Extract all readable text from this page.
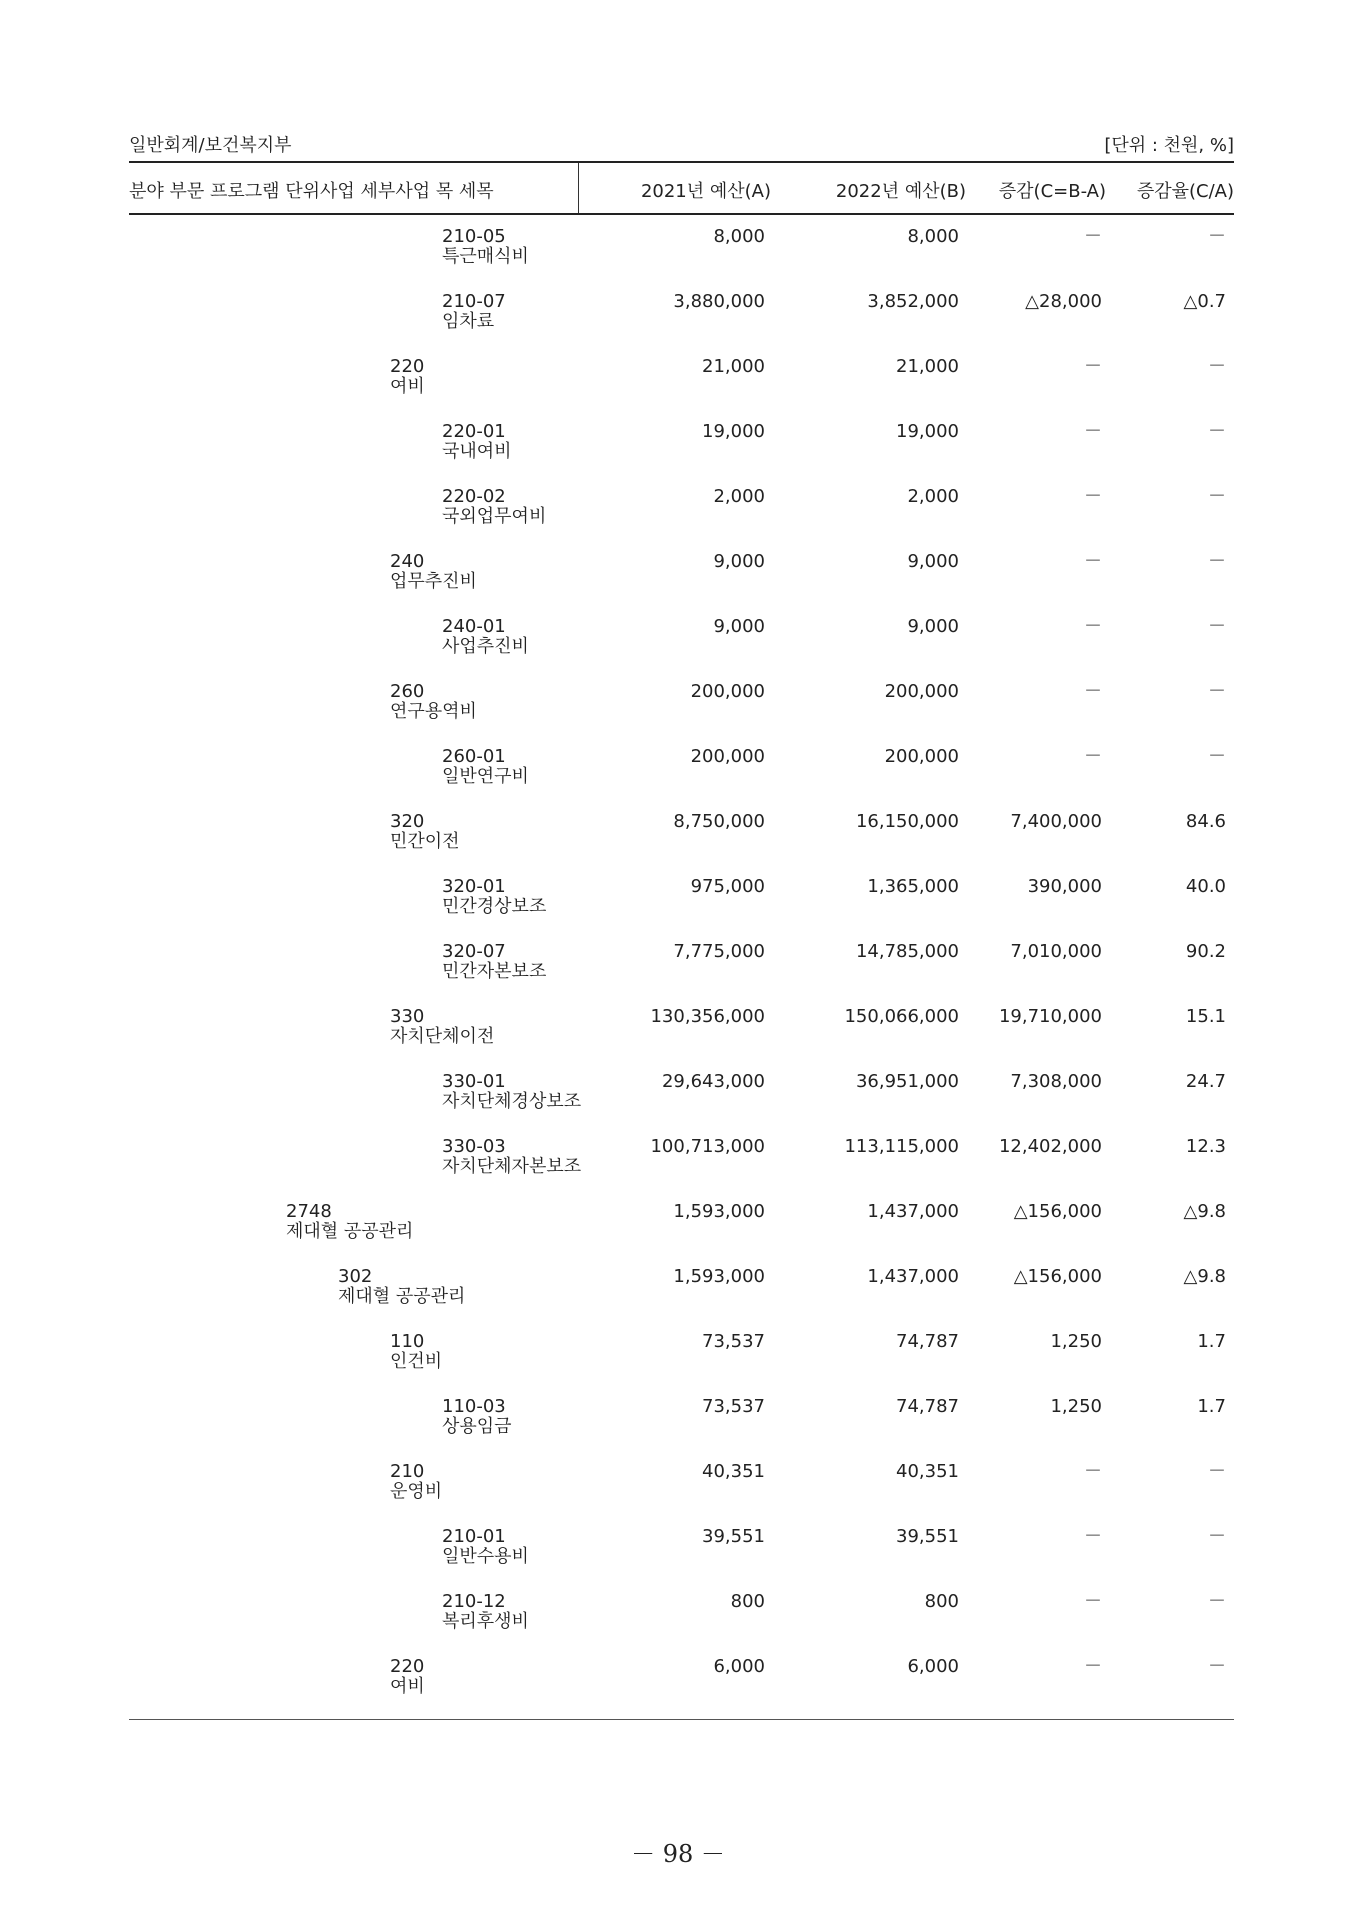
일반회계/보건복지부	[단위 : 천원, %]
분야 부문 프로그램 단위사업 세부사업 목 세목	2021년 예산(A)	2022년 예산(B) 증감(C=B-A) 증감율(C/A)
210-05
특근매식비
8,000	8,000	－	－
210-07
임차료
3,880,000	3,852,000	△28,000	△0.7
220
여비
21,000	21,000	－	－
220-01
국내여비
19,000	19,000	－	－
220-02
국외업무여비
2,000	2,000	－	－
240
업무추진비
9,000	9,000	－	－
240-01
사업추진비
9,000	9,000	－	－
260
연구용역비
200,000	200,000	－	－
260-01
일반연구비
200,000	200,000	－	－
320
민간이전
8,750,000	16,150,000	7,400,000	84.6
320-01
민간경상보조
975,000	1,365,000	390,000	40.0
320-07
민간자본보조
7,775,000	14,785,000	7,010,000	90.2
330
자치단체이전
130,356,000	150,066,000 19,710,000	15.1
330-01
자치단체경상보조
29,643,000	36,951,000	7,308,000	24.7
330-03
자치단체자본보조
100,713,000	113,115,000 12,402,000	12.3
2748
제대혈 공공관리
1,593,000	1,437,000	△156,000	△9.8
302
제대혈 공공관리
1,593,000	1,437,000	△156,000	△9.8
110
인건비
73,537	74,787	1,250	1.7
110-03
상용임금
73,537	74,787	1,250	1.7
210
운영비
40,351	40,351	－	－
210-01
일반수용비
39,551	39,551	－	－
210-12
복리후생비
800	800	－	－
220
여비
6,000	6,000	－	－
－ 98 －
